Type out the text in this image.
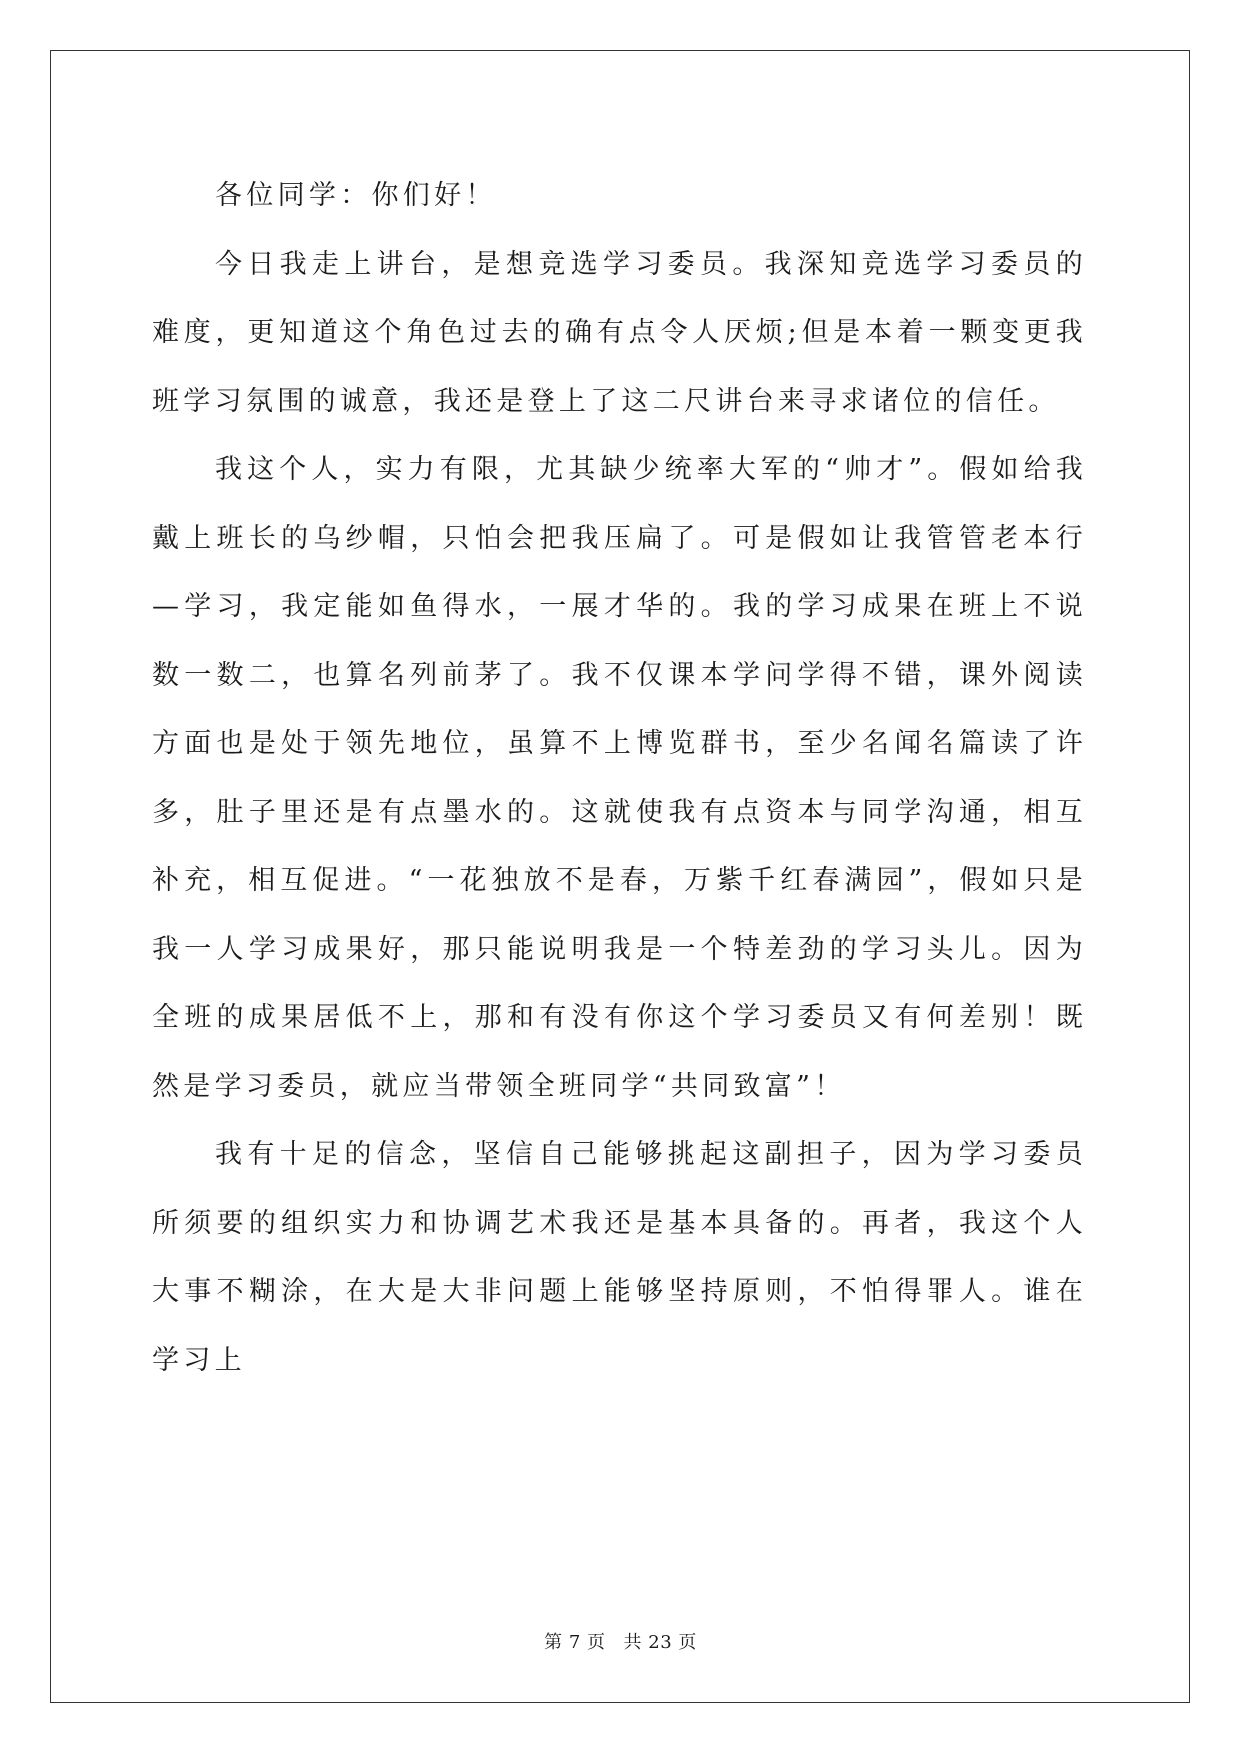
各位同学：你们好！

今日我走上讲台，是想竞选学习委员。我深知竞选学习委员的难度，更知道这个角色过去的确有点令人厌烦;但是本着一颗变更我班学习氛围的诚意，我还是登上了这二尺讲台来寻求诸位的信任。

我这个人，实力有限，尤其缺少统率大军的“帅才”。假如给我戴上班长的乌纱帽，只怕会把我压扁了。可是假如让我管管老本行—学习，我定能如鱼得水，一展才华的。我的学习成果在班上不说数一数二，也算名列前茅了。我不仅课本学问学得不错，课外阅读方面也是处于领先地位，虽算不上博览群书，至少名闻名篇读了许多，肚子里还是有点墨水的。这就使我有点资本与同学沟通，相互补充，相互促进。“一花独放不是春，万紫千红春满园”，假如只是我一人学习成果好，那只能说明我是一个特差劲的学习头儿。因为全班的成果居低不上，那和有没有你这个学习委员又有何差别！既然是学习委员，就应当带领全班同学“共同致富”！

我有十足的信念，坚信自己能够挑起这副担子，因为学习委员所须要的组织实力和协调艺术我还是基本具备的。再者，我这个人大事不糊涂，在大是大非问题上能够坚持原则，不怕得罪人。谁在学习上

第 7 页 共 23 页
